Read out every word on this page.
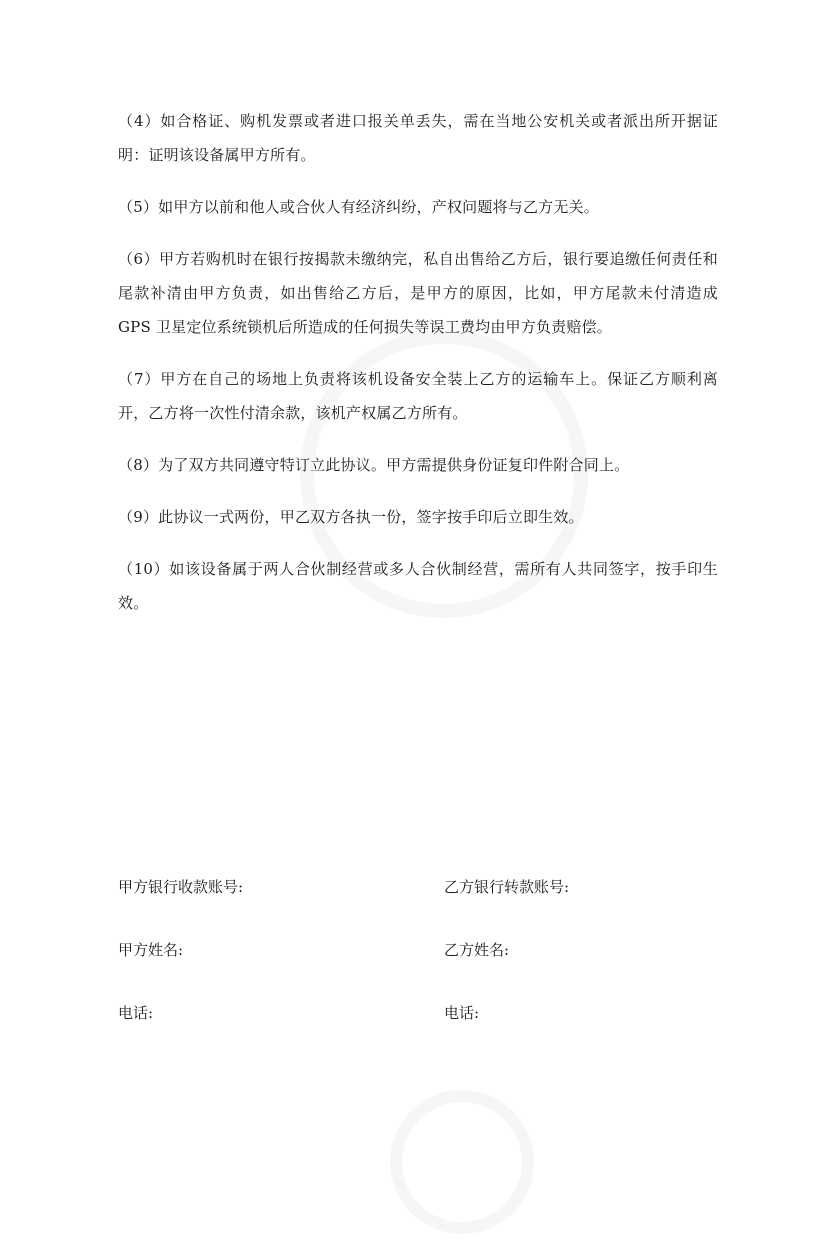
（4）如合格证、购机发票或者进口报关单丢失，需在当地公安机关或者派出所开据证明：证明该设备属甲方所有。

（5）如甲方以前和他人或合伙人有经济纠纷，产权问题将与乙方无关。

（6）甲方若购机时在银行按揭款未缴纳完，私自出售给乙方后，银行要追缴任何责任和尾款补清由甲方负责，如出售给乙方后，是甲方的原因，比如，甲方尾款未付清造成 GPS 卫星定位系统锁机后所造成的任何损失等误工费均由甲方负责赔偿。

（7）甲方在自己的场地上负责将该机设备安全装上乙方的运输车上。保证乙方顺利离开，乙方将一次性付清余款，该机产权属乙方所有。

（8）为了双方共同遵守特订立此协议。甲方需提供身份证复印件附合同上。

（9）此协议一式两份，甲乙双方各执一份，签字按手印后立即生效。

（10）如该设备属于两人合伙制经营或多人合伙制经营，需所有人共同签字，按手印生效。

甲方银行收款账号:	乙方银行转款账号:
甲方姓名:	乙方姓名:
电话:	电话:
